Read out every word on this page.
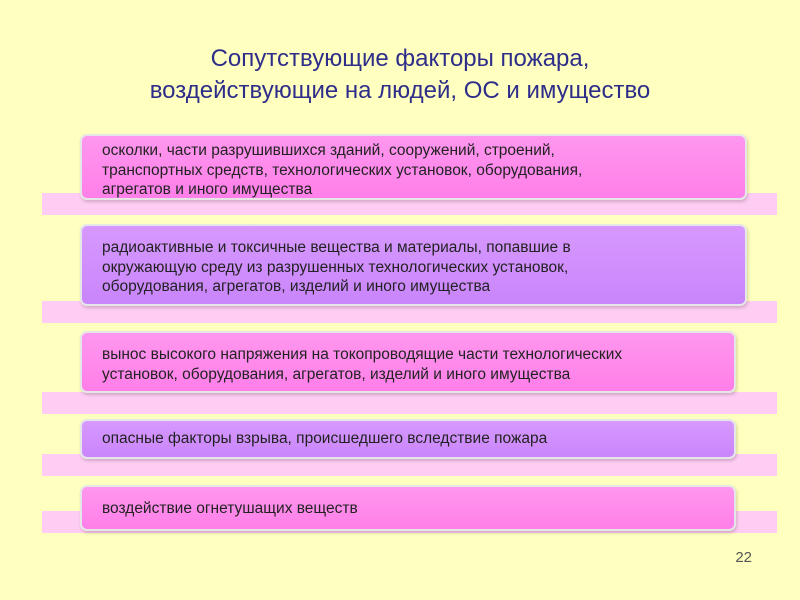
Сопутствующие факторы пожара,
воздействующие на людей, ОС и имущество
осколки, части разрушившихся зданий, сооружений, строений,
транспортных средств, технологических установок, оборудования,
агрегатов и иного имущества
радиоактивные и токсичные вещества и материалы, попавшие в
окружающую среду из разрушенных технологических установок,
оборудования, агрегатов, изделий и иного имущества
вынос высокого напряжения на токопроводящие части технологических
установок, оборудования, агрегатов, изделий и иного имущества
опасные факторы взрыва, происшедшего вследствие пожара
воздействие огнетушащих веществ
22
